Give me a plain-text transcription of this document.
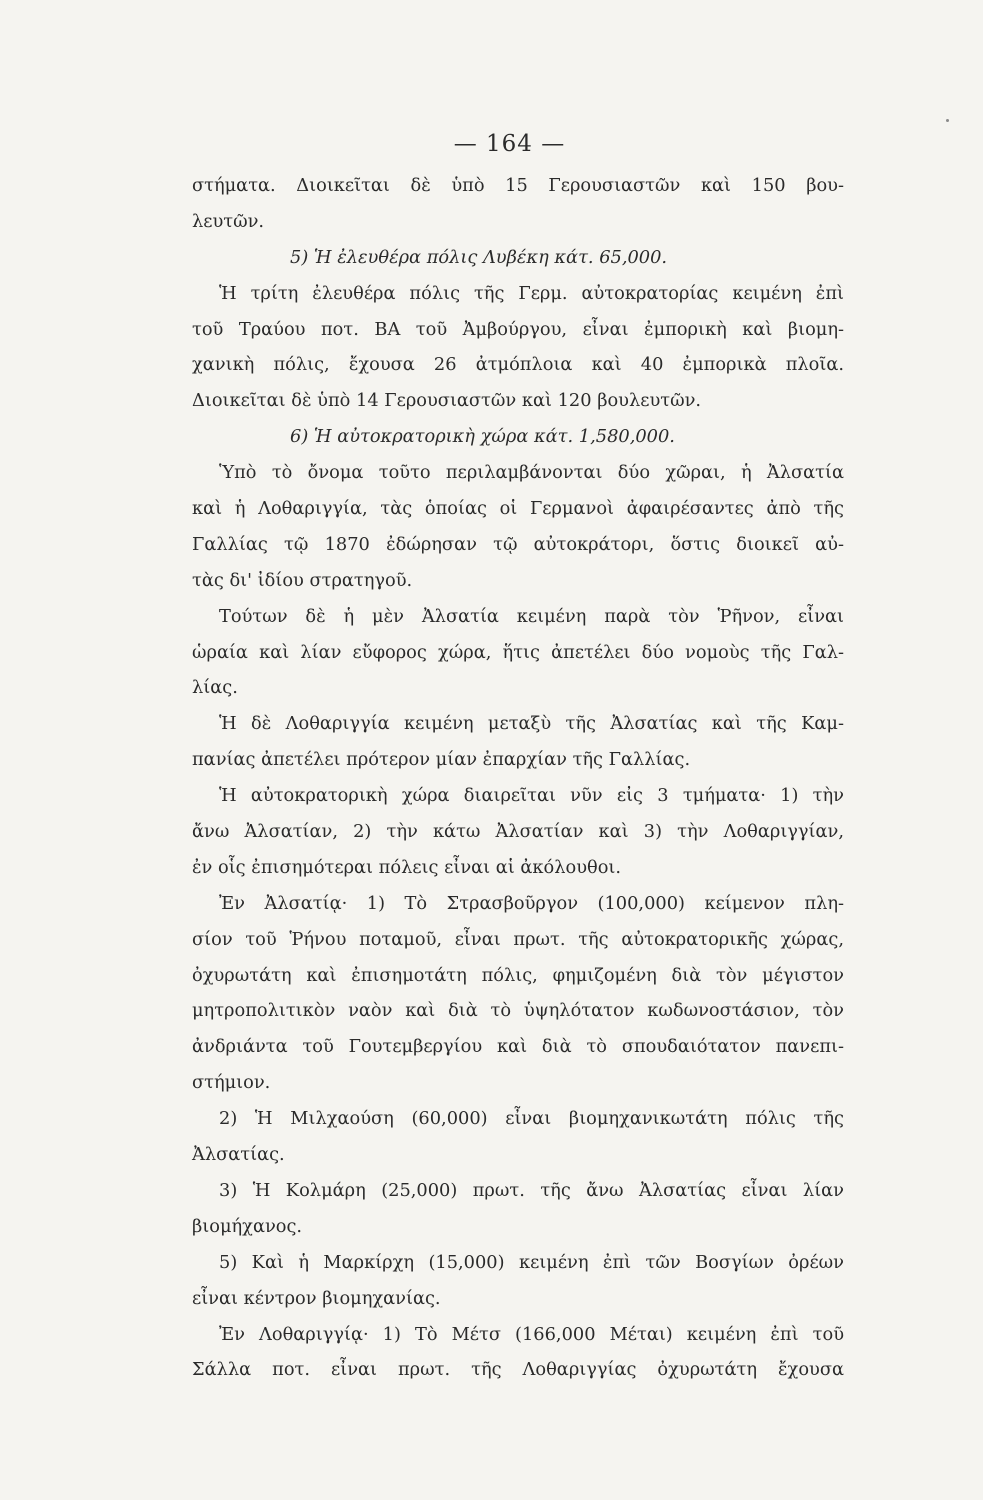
— 164 —
στήματα. Διοικεῖται δὲ ὑπὸ 15 Γερουσιαστῶν καὶ 150 βου-
λευτῶν.
5) Ἡ ἐλευθέρα πόλις Λυβέκη κάτ. 65,000.
Ἡ τρίτη ἐλευθέρα πόλις τῆς Γερμ. αὐτοκρατορίας κειμένη ἐπὶ
τοῦ Τραύου ποτ. ΒΑ τοῦ Ἀμβούργου, εἶναι ἐμπορικὴ καὶ βιομη-
χανικὴ πόλις, ἔχουσα 26 ἀτμόπλοια καὶ 40 ἐμπορικὰ πλοῖα.
Διοικεῖται δὲ ὑπὸ 14 Γερουσιαστῶν καὶ 120 βουλευτῶν.
6) Ἡ αὐτοκρατορικὴ χώρα κάτ. 1,580,000.
Ὑπὸ τὸ ὄνομα τοῦτο περιλαμβάνονται δύο χῶραι, ἡ Ἀλσατία
καὶ ἡ Λοθαριγγία, τὰς ὁποίας οἱ Γερμανοὶ ἀφαιρέσαντες ἀπὸ τῆς
Γαλλίας τῷ 1870 ἐδώρησαν τῷ αὐτοκράτορι, ὅστις διοικεῖ αὐ-
τὰς δι' ἰδίου στρατηγοῦ.
Τούτων δὲ ἡ μὲν Ἀλσατία κειμένη παρὰ τὸν Ῥῆνον, εἶναι
ὡραία καὶ λίαν εὔφορος χώρα, ἥτις ἀπετέλει δύο νομοὺς τῆς Γαλ-
λίας.
Ἡ δὲ Λοθαριγγία κειμένη μεταξὺ τῆς Ἀλσατίας καὶ τῆς Καμ-
πανίας ἀπετέλει πρότερον μίαν ἐπαρχίαν τῆς Γαλλίας.
Ἡ αὐτοκρατορικὴ χώρα διαιρεῖται νῦν εἰς 3 τμήματα· 1) τὴν
ἄνω Ἀλσατίαν, 2) τὴν κάτω Ἀλσατίαν καὶ 3) τὴν Λοθαριγγίαν,
ἐν οἷς ἐπισημότεραι πόλεις εἶναι αἱ ἀκόλουθοι.
Ἐν Ἀλσατίᾳ· 1) Τὸ Στρασβοῦργον (100,000) κείμενον πλη-
σίον τοῦ Ῥήνου ποταμοῦ, εἶναι πρωτ. τῆς αὐτοκρατορικῆς χώρας,
ὀχυρωτάτη καὶ ἐπισημοτάτη πόλις, φημιζομένη διὰ τὸν μέγιστον
μητροπολιτικὸν ναὸν καὶ διὰ τὸ ὑψηλότατον κωδωνοστάσιον, τὸν
ἀνδριάντα τοῦ Γουτεμβεργίου καὶ διὰ τὸ σπουδαιότατον πανεπι-
στήμιον.
2) Ἡ Μιλχαούση (60,000) εἶναι βιομηχανικωτάτη πόλις τῆς
Ἀλσατίας.
3) Ἡ Κολμάρη (25,000) πρωτ. τῆς ἄνω Ἀλσατίας εἶναι λίαν
βιομήχανος.
5) Καὶ ἡ Μαρκίρχη (15,000) κειμένη ἐπὶ τῶν Βοσγίων ὀρέων
εἶναι κέντρον βιομηχανίας.
Ἐν Λοθαριγγίᾳ· 1) Τὸ Μέτσ (166,000 Μέται) κειμένη ἐπὶ τοῦ
Σάλλα ποτ. εἶναι πρωτ. τῆς Λοθαριγγίας ὀχυρωτάτη ἔχουσα
